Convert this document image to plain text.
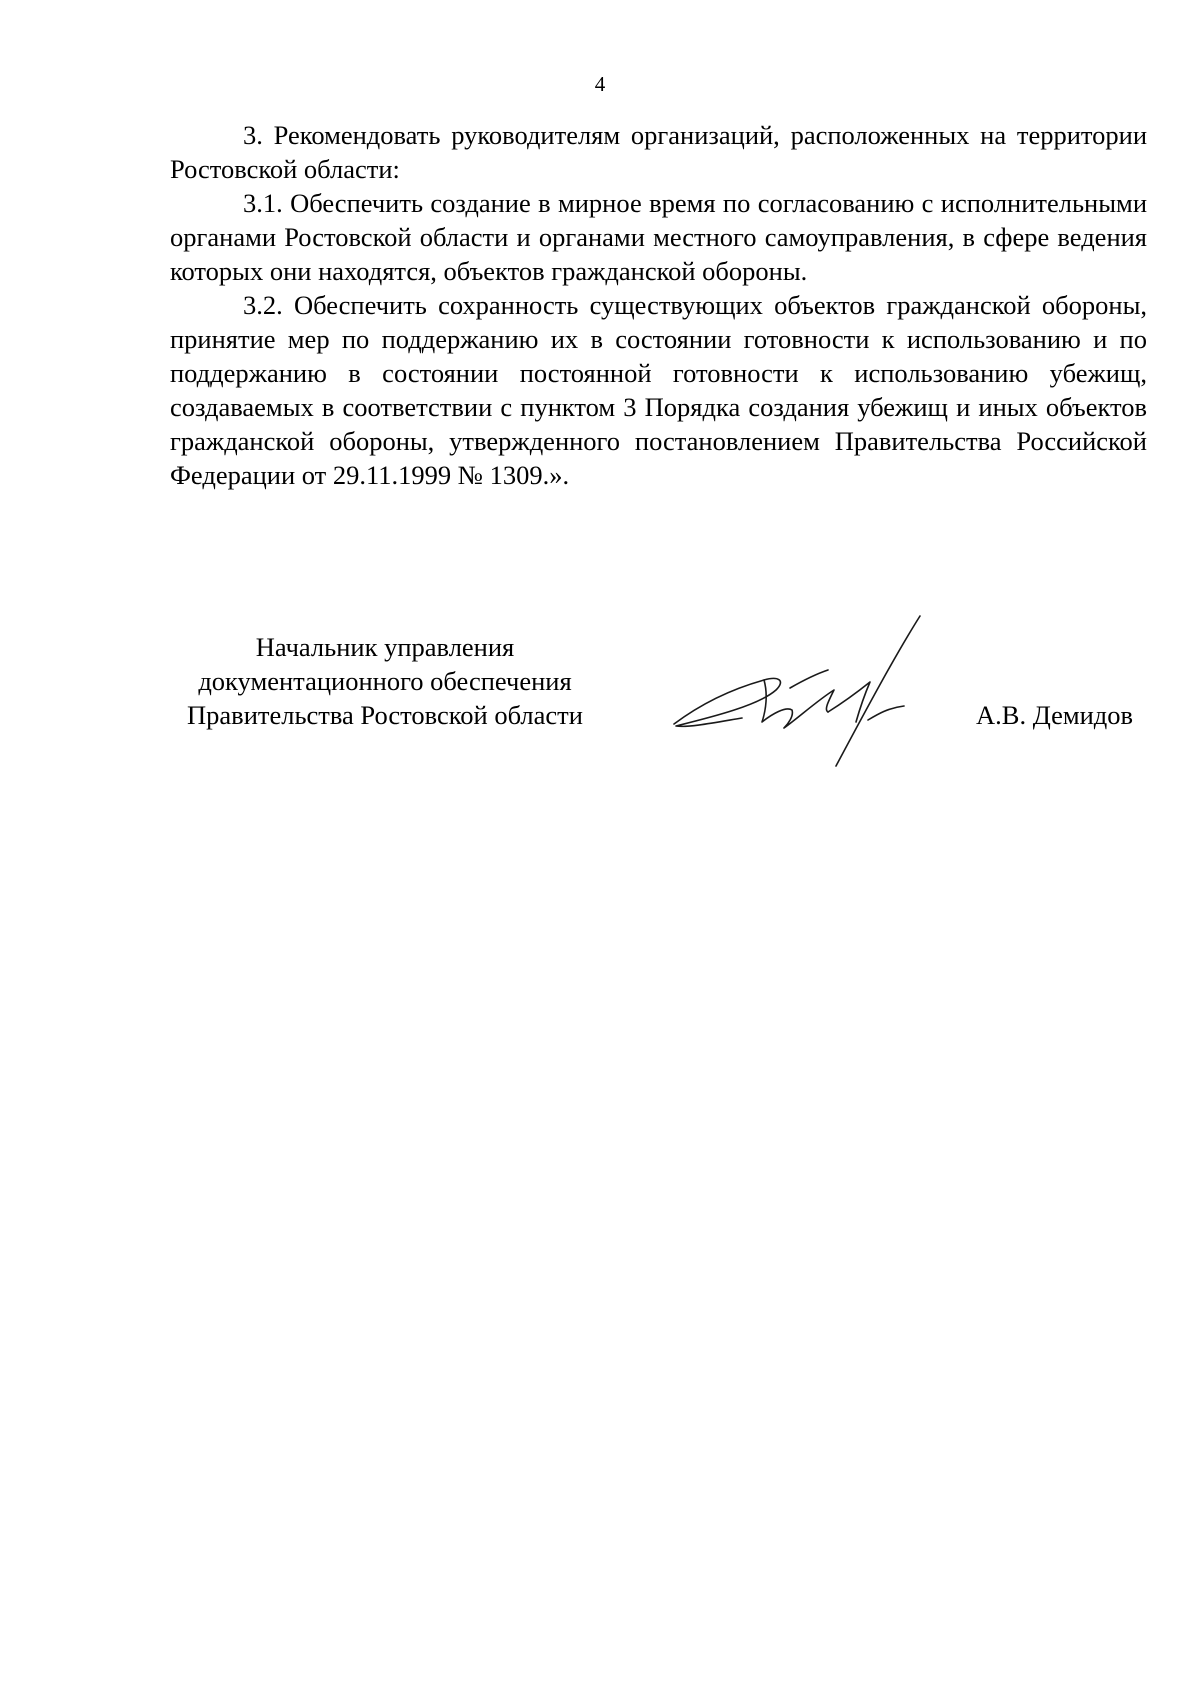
4

3. Рекомендовать руководителям организаций, расположенных на территории Ростовской области:

3.1. Обеспечить создание в мирное время по согласованию с исполнительными органами Ростовской области и органами местного самоуправления, в сфере ведения которых они находятся, объектов гражданской обороны.

3.2. Обеспечить сохранность существующих объектов гражданской обороны, принятие мер по поддержанию их в состоянии готовности к использованию и по поддержанию в состоянии постоянной готовности к использованию убежищ, создаваемых в соответствии с пунктом 3 Порядка создания убежищ и иных объектов гражданской обороны, утвержденного постановлением Правительства Российской Федерации от 29.11.1999 № 1309.».

Начальник управления
документационного обеспечения
Правительства Ростовской области	А.В. Демидов
